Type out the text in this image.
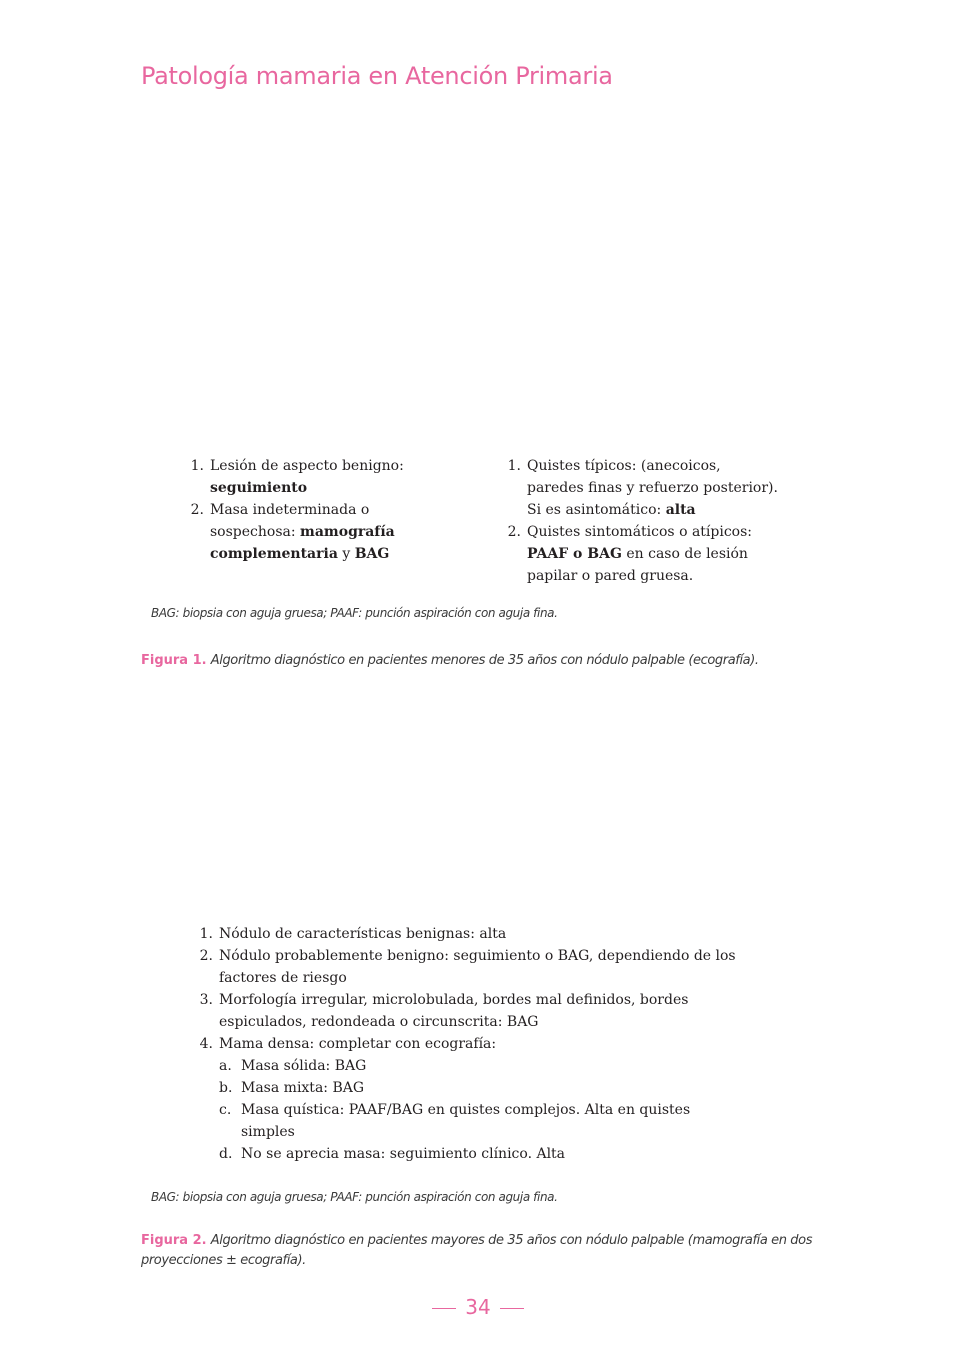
Patología mamaria en Atención Primaria
1. Lesión de aspecto benigno:
seguimiento
2. Masa indeterminada o
sospechosa: mamografía
complementaria y BAG
1. Quistes típicos: (anecoicos,
paredes finas y refuerzo posterior).
Si es asintomático: alta
2. Quistes sintomáticos o atípicos:
PAAF o BAG en caso de lesión
papilar o pared gruesa.
BAG: biopsia con aguja gruesa; PAAF: punción aspiración con aguja fina.
Figura 1. Algoritmo diagnóstico en pacientes menores de 35 años con nódulo palpable (ecografía).
1. Nódulo de características benignas: alta
2. Nódulo probablemente benigno: seguimiento o BAG, dependiendo de los
factores de riesgo
3. Morfología irregular, microlobulada, bordes mal definidos, bordes
espiculados, redondeada o circunscrita: BAG
4. Mama densa: completar con ecografía:
a. Masa sólida: BAG
b. Masa mixta: BAG
c. Masa quística: PAAF/BAG en quistes complejos. Alta en quistes
simples
d. No se aprecia masa: seguimiento clínico. Alta
BAG: biopsia con aguja gruesa; PAAF: punción aspiración con aguja fina.
Figura 2. Algoritmo diagnóstico en pacientes mayores de 35 años con nódulo palpable (mamografía en dos proyecciones ± ecografía).
34
